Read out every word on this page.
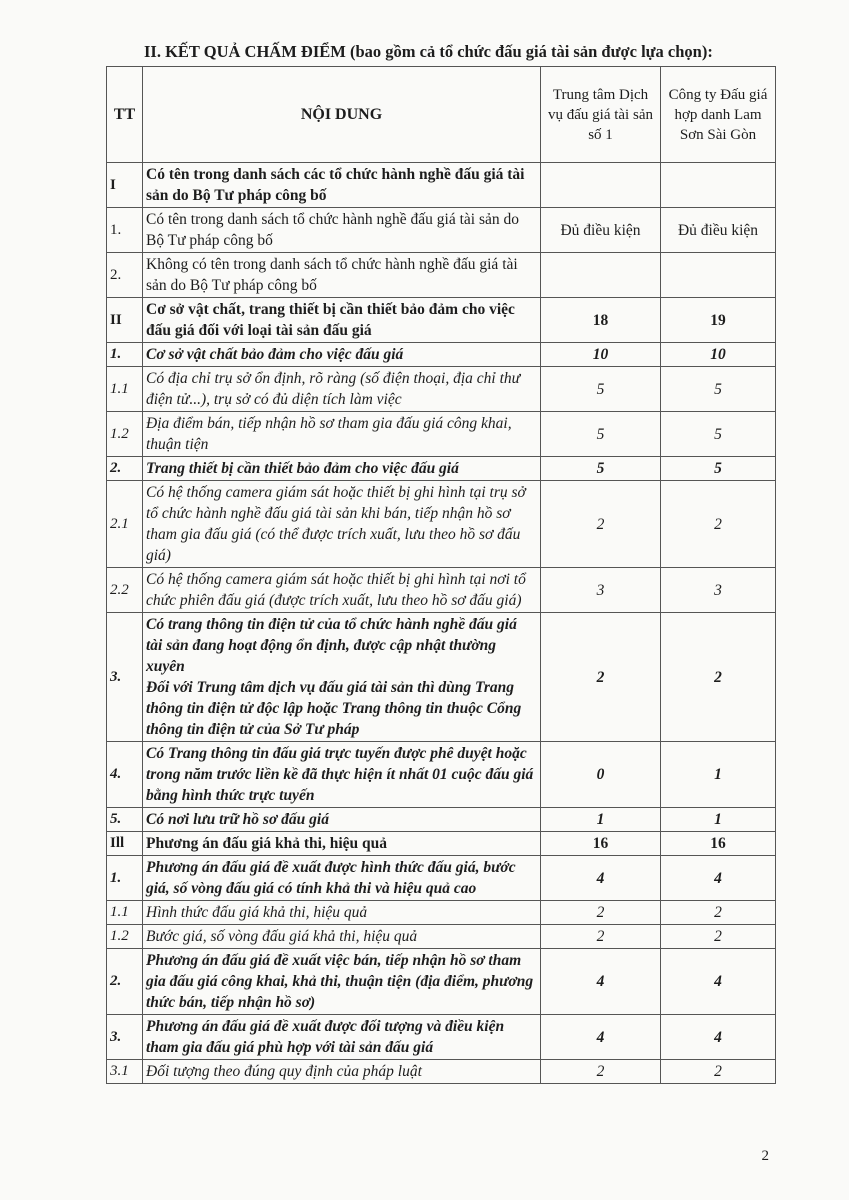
II. KẾT QUẢ CHẤM ĐIỂM (bao gồm cả tổ chức đấu giá tài sản được lựa chọn):
TT	NỘI DUNG	Trung tâm Dịch vụ đấu giá tài sản số 1	Công ty Đấu giá hợp danh Lam Sơn Sài Gòn
I	Có tên trong danh sách các tổ chức hành nghề đấu giá tài sản do Bộ Tư pháp công bố		
1.	Có tên trong danh sách tổ chức hành nghề đấu giá tài sản do Bộ Tư pháp công bố	Đủ điều kiện	Đủ điều kiện
2.	Không có tên trong danh sách tổ chức hành nghề đấu giá tài sản do Bộ Tư pháp công bố		
II	Cơ sở vật chất, trang thiết bị cần thiết bảo đảm cho việc đấu giá đối với loại tài sản đấu giá	18	19
1.	Cơ sở vật chất bảo đảm cho việc đấu giá	10	10
1.1	Có địa chỉ trụ sở ổn định, rõ ràng (số điện thoại, địa chỉ thư điện tử...), trụ sở có đủ diện tích làm việc	5	5
1.2	Địa điểm bán, tiếp nhận hồ sơ tham gia đấu giá công khai, thuận tiện	5	5
2.	Trang thiết bị cần thiết bảo đảm cho việc đấu giá	5	5
2.1	Có hệ thống camera giám sát hoặc thiết bị ghi hình tại trụ sở tổ chức hành nghề đấu giá tài sản khi bán, tiếp nhận hồ sơ tham gia đấu giá (có thể được trích xuất, lưu theo hồ sơ đấu giá)	2	2
2.2	Có hệ thống camera giám sát hoặc thiết bị ghi hình tại nơi tổ chức phiên đấu giá (được trích xuất, lưu theo hồ sơ đấu giá)	3	3
3.	Có trang thông tin điện tử của tổ chức hành nghề đấu giá tài sản đang hoạt động ổn định, được cập nhật thường xuyên
Đối với Trung tâm dịch vụ đấu giá tài sản thì dùng Trang thông tin điện tử độc lập hoặc Trang thông tin thuộc Cổng thông tin điện tử của Sở Tư pháp	2	2
4.	Có Trang thông tin đấu giá trực tuyến được phê duyệt hoặc trong năm trước liền kề đã thực hiện ít nhất 01 cuộc đấu giá bằng hình thức trực tuyến	0	1
5.	Có nơi lưu trữ hồ sơ đấu giá	1	1
Ill	Phương án đấu giá khả thi, hiệu quả	16	16
1.	Phương án đấu giá đề xuất được hình thức đấu giá, bước giá, số vòng đấu giá có tính khả thi và hiệu quả cao	4	4
1.1	Hình thức đấu giá khả thi, hiệu quả	2	2
1.2	Bước giá, số vòng đấu giá khả thi, hiệu quả	2	2
2.	Phương án đấu giá đề xuất việc bán, tiếp nhận hồ sơ tham gia đấu giá công khai, khả thi, thuận tiện (địa điểm, phương thức bán, tiếp nhận hồ sơ)	4	4
3.	Phương án đấu giá đề xuất được đối tượng và điều kiện tham gia đấu giá phù hợp với tài sản đấu giá	4	4
3.1	Đối tượng theo đúng quy định của pháp luật	2	2
2
